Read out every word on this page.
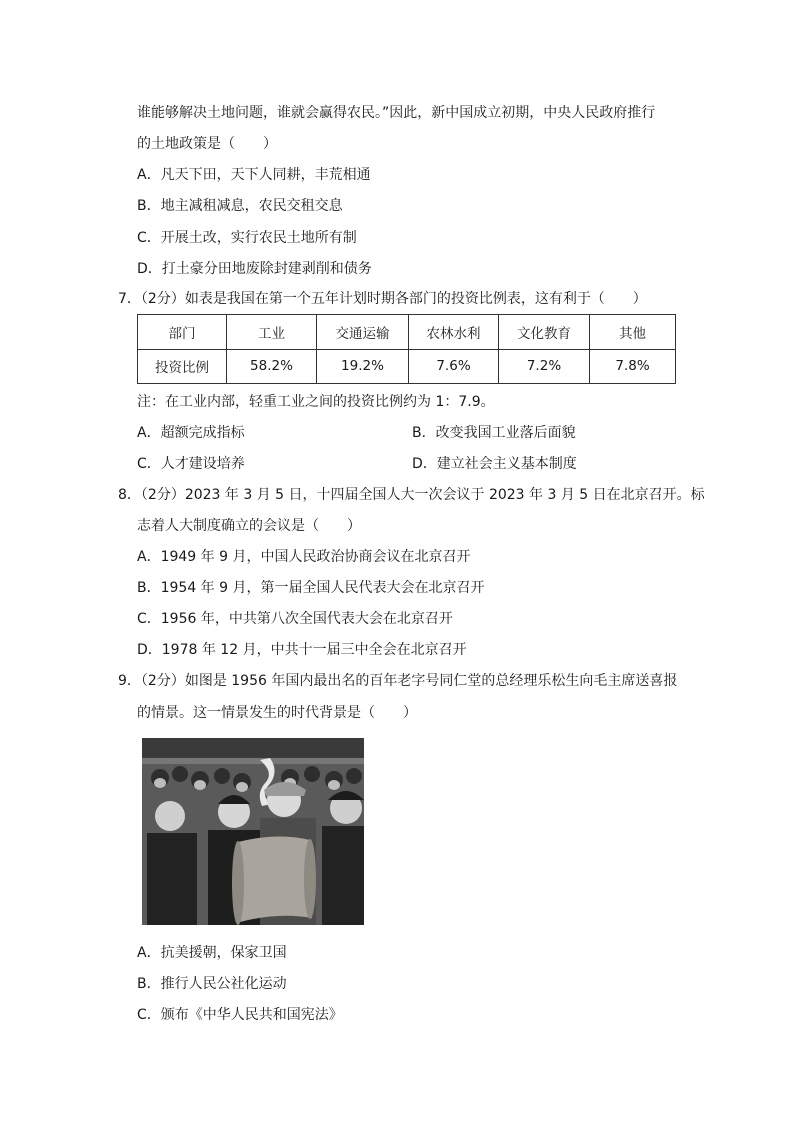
谁能够解决土地问题，谁就会赢得农民。”因此，新中国成立初期，中央人民政府推行
的土地政策是（　　）
A．凡天下田，天下人同耕，丰荒相通
B．地主减租减息，农民交租交息
C．开展土改，实行农民土地所有制
D．打土豪分田地废除封建剥削和债务
7．（2分）如表是我国在第一个五年计划时期各部门的投资比例表，这有利于（　　）
部门	工业	交通运输	农林水利	文化教育	其他
投资比例	58.2%	19.2%	7.6%	7.2%	7.8%
注：在工业内部，轻重工业之间的投资比例约为 1：7.9。
A．超额完成指标	B．改变我国工业落后面貌
C．人才建设培养	D．建立社会主义基本制度
8．（2分）2023 年 3 月 5 日，十四届全国人大一次会议于 2023 年 3 月 5 日在北京召开。标
志着人大制度确立的会议是（　　）
A．1949 年 9 月，中国人民政治协商会议在北京召开
B．1954 年 9 月，第一届全国人民代表大会在北京召开
C．1956 年，中共第八次全国代表大会在北京召开
D．1978 年 12 月，中共十一届三中全会在北京召开
9．（2分）如图是 1956 年国内最出名的百年老字号同仁堂的总经理乐松生向毛主席送喜报
的情景。这一情景发生的时代背景是（　　）
A．抗美援朝，保家卫国
B．推行人民公社化运动
C．颁布《中华人民共和国宪法》
